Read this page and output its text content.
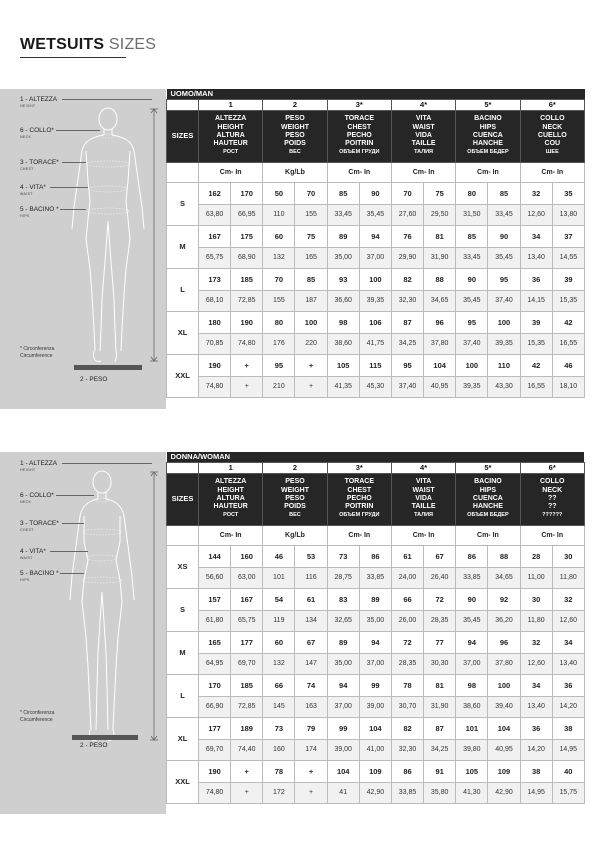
WETSUITS SIZES
1 - ALTEZZA
HEIGHT
6 - COLLO*
NECK
3 - TORACE*
CHEST
4 - VITA*
WAIST
5 - BACINO *
HIPS
* Circonferenza
Circumference
2 - PESO
UOMO/MAN												
	1		2		3*		4*		5*		6*	
SIZES	ALTEZZA
HEIGHT
ALTURA
HAUTEUR
РОСТ		PESO
WEIGHT
PESO
POIDS
ВЕС		TORACE
CHEST
PECHO
POITRIN
ОБЪЕМ ГРУДИ		VITA
WAIST
VIDA
TAILLE
ТАЛИЯ		BACINO
HIPS
CUENCA
HANCHE
ОБЪЕМ БЕДЕР		COLLO
NECK
CUELLO
COU
ШЕЕ	

	Cm- In		Kg/Lb		Cm- In		Cm- In		Cm- In		Cm- In	
S	162	170	50	70	85	90	70	75	80	85	32	35
	63,80	66,95	110	155	33,45	35,45	27,60	29,50	31,50	33,45	12,60	13,80
M	167	175	60	75	89	94	76	81	85	90	34	37
	65,75	68,90	132	165	35,00	37,00	29,90	31,90	33,45	35,45	13,40	14,55
L	173	185	70	85	93	100	82	88	90	95	36	39
	68,10	72,85	155	187	36,60	39,35	32,30	34,65	35,45	37,40	14,15	15,35
XL	180	190	80	100	98	106	87	96	95	100	39	42
	70,85	74,80	176	220	38,60	41,75	34,25	37,80	37,40	39,35	15,35	16,55
XXL	190	+	95	+	105	115	95	104	100	110	42	46
	74,80	+	210	+	41,35	45,30	37,40	40,95	39,35	43,30	16,55	18,10
1 - ALTEZZA
HEIGHT
6 - COLLO*
NECK
3 - TORACE*
CHEST
4 - VITA*
WAIST
5 - BACINO *
HIPS
* Circonferenza
Circumference
2 - PESO
DONNA/WOMAN												
	1		2		3*		4*		5*		6*	
SIZES	ALTEZZA
HEIGHT
ALTURA
HAUTEUR
РОСТ		PESO
WEIGHT
PESO
POIDS
ВЕС		TORACE
CHEST
PECHO
POITRIN
ОБЪЕМ ГРУДИ		VITA
WAIST
VIDA
TAILLE
ТАЛИЯ		BACINO
HIPS
CUENCA
HANCHE
ОБЪЕМ БЕДЕР		COLLO
NECK
??
??
??????	

	Cm- In		Kg/Lb		Cm- In		Cm- In		Cm- In		Cm- In	
XS	144	160	46	53	73	86	61	67	86	88	28	30
	56,60	63,00	101	116	28,75	33,85	24,00	26,40	33,85	34,65	11,00	11,80
S	157	167	54	61	83	89	66	72	90	92	30	32
	61,80	65,75	119	134	32,65	35,00	26,00	28,35	35,45	36,20	11,80	12,60
M	165	177	60	67	89	94	72	77	94	96	32	34
	64,95	69,70	132	147	35,00	37,00	28,35	30,30	37,00	37,80	12,60	13,40
L	170	185	66	74	94	99	78	81	98	100	34	36
	66,90	72,85	145	163	37,00	39,00	30,70	31,90	38,60	39,40	13,40	14,20
XL	177	189	73	79	99	104	82	87	101	104	36	38
	69,70	74,40	160	174	39,00	41,00	32,30	34,25	39,80	40,95	14,20	14,95
XXL	190	+	78	+	104	109	86	91	105	109	38	40
	74,80	+	172	+	41	42,90	33,85	35,80	41,30	42,90	14,95	15,75
